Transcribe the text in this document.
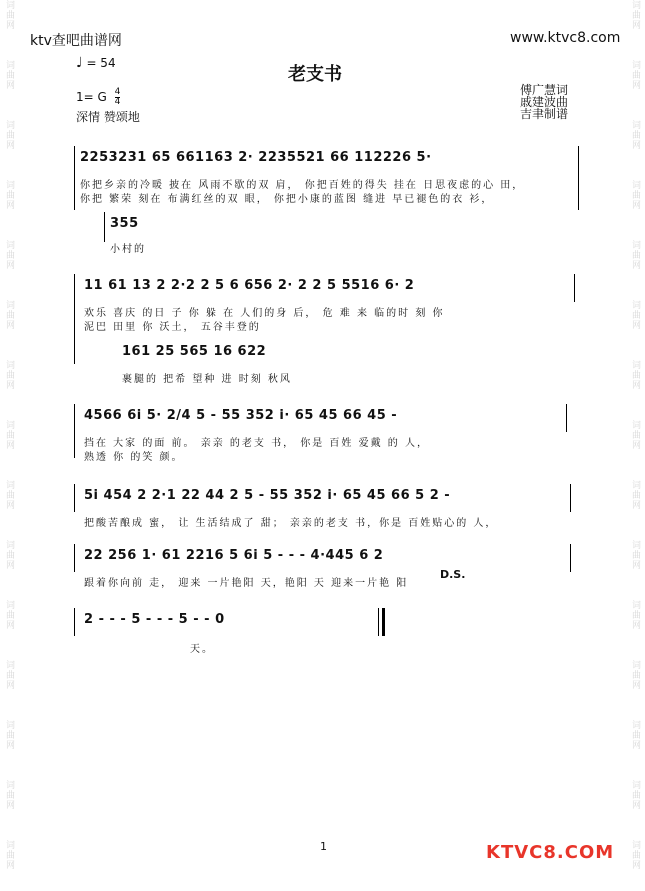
词曲网
词曲网
词曲网
词曲网
词曲网
词曲网
词曲网
词曲网
词曲网
词曲网
词曲网
词曲网
词曲网
词曲网
词曲网
词曲网
词曲网
词曲网
词曲网
词曲网
词曲网
词曲网
词曲网
词曲网
词曲网
词曲网
词曲网
词曲网
词曲网
词曲网
ktv查吧曲谱网	www.ktvc8.com
老支书
♩ = 54
1= G $\frac{4}{4}$
深情 赞颂地
傅广慧词
戚建波曲
吉聿制谱
2253231 65 661163 2· 2235521 66 112226 5·
你把乡亲的冷暖 披在 风雨不歇的双 肩， 你把百姓的得失 挂在 日思夜虑的心 田，
你把 繁荣 刻在 布满红丝的双 眼， 你把小康的蓝图 缝进 早已褪色的衣 衫，
355
小村的
11 61 13 2 2·2 2 5 6 656 2· 2 2 5 5516 6· 2
欢乐 喜庆 的日 子 你 躲 在 人们的身 后， 危 难 来 临的时 刻 你
泥巴 田里 你 沃土， 五谷丰登的
161 25 565 16 622
裹腿的 把希 望种 进 时刻 秋风
4566 6i 5· 2/4 5 - 55 352 i· 65 45 66 45 -
挡在 大家 的面 前。 亲亲 的老支 书， 你是 百姓 爱戴 的 人，
熟透 你 的笑 颜。
5i 454 2 2·1 22 44 2 5 - 55 352 i· 65 45 66 5 2 -
把酸苦酿成 蜜， 让 生活结成了 甜； 亲亲的老支 书，你是 百姓贴心的 人，
22 256 1· 61 2216 5 6i 5 - - - 4·445 6 2
跟着你向前 走， 迎来 一片艳阳 天，艳阳 天 迎来一片艳 阳
D.S.
2 - - - 5 - - - 5 - - 0
天。
1	KTVC8.COM
